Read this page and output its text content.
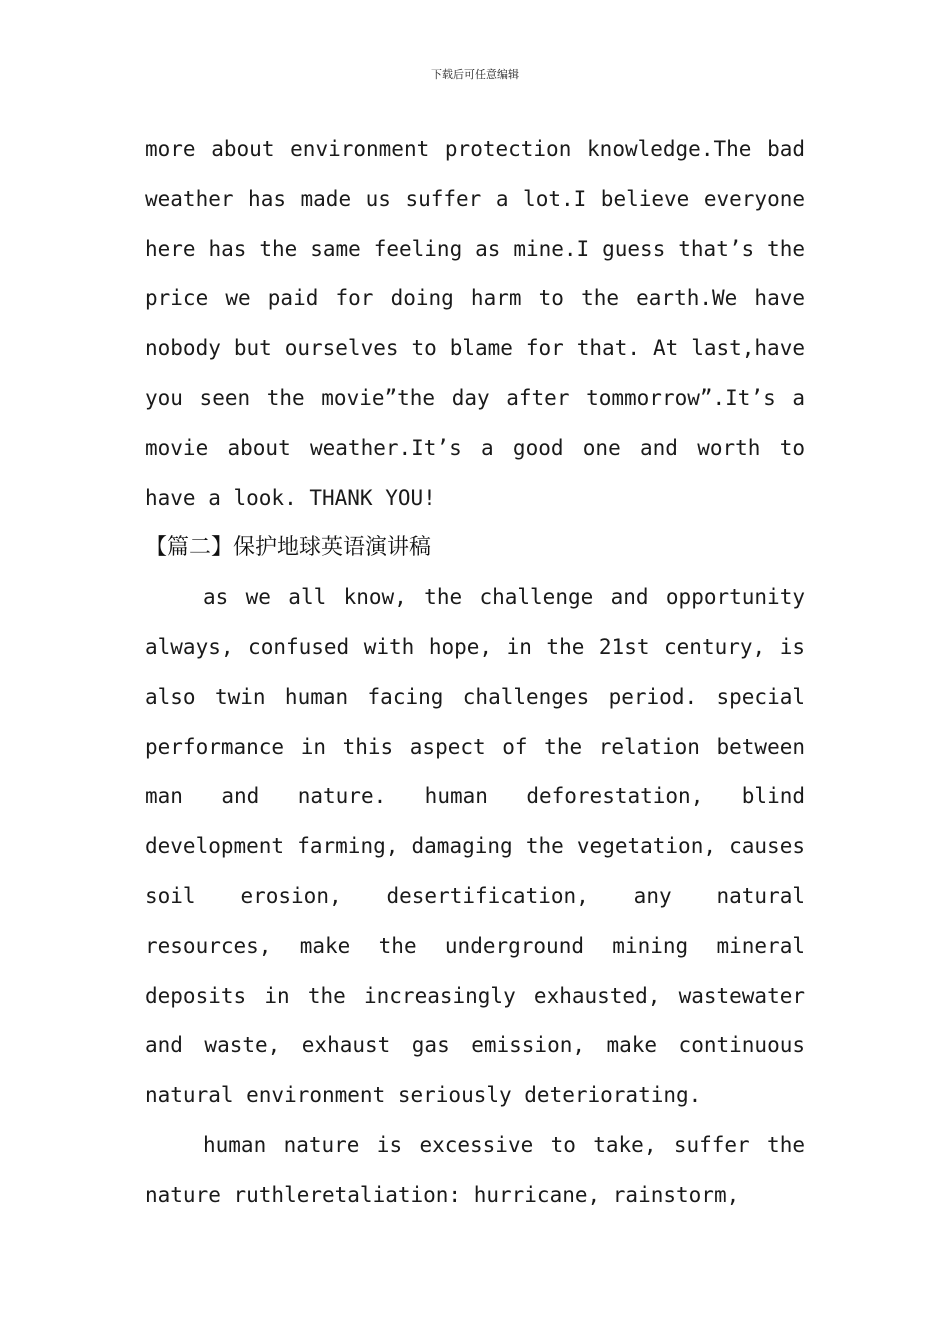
下载后可任意编辑

more about environment protection knowledge.The bad weather has made us suffer a lot.I believe everyone here has the same feeling as mine.I guess that’s the price we paid for doing harm to the earth.We have nobody but ourselves to blame for that. At last,have you seen the movie”the day after tommorrow”.It’s a movie about weather.It’s a good one and worth to have a look. THANK YOU!

【篇二】保护地球英语演讲稿

as we all know, the challenge and opportunity always, confused with hope, in the 21st century, is also twin human facing challenges period. special performance in this aspect of the relation between man and nature. human deforestation, blind development farming, damaging the vegetation, causes soil erosion, desertification, any natural resources, make the underground mining mineral deposits in the increasingly exhausted, wastewater and waste, exhaust gas emission, make continuous natural environment seriously deteriorating.

human nature is excessive to take, suffer the nature ruthleretaliation: hurricane, rainstorm,
